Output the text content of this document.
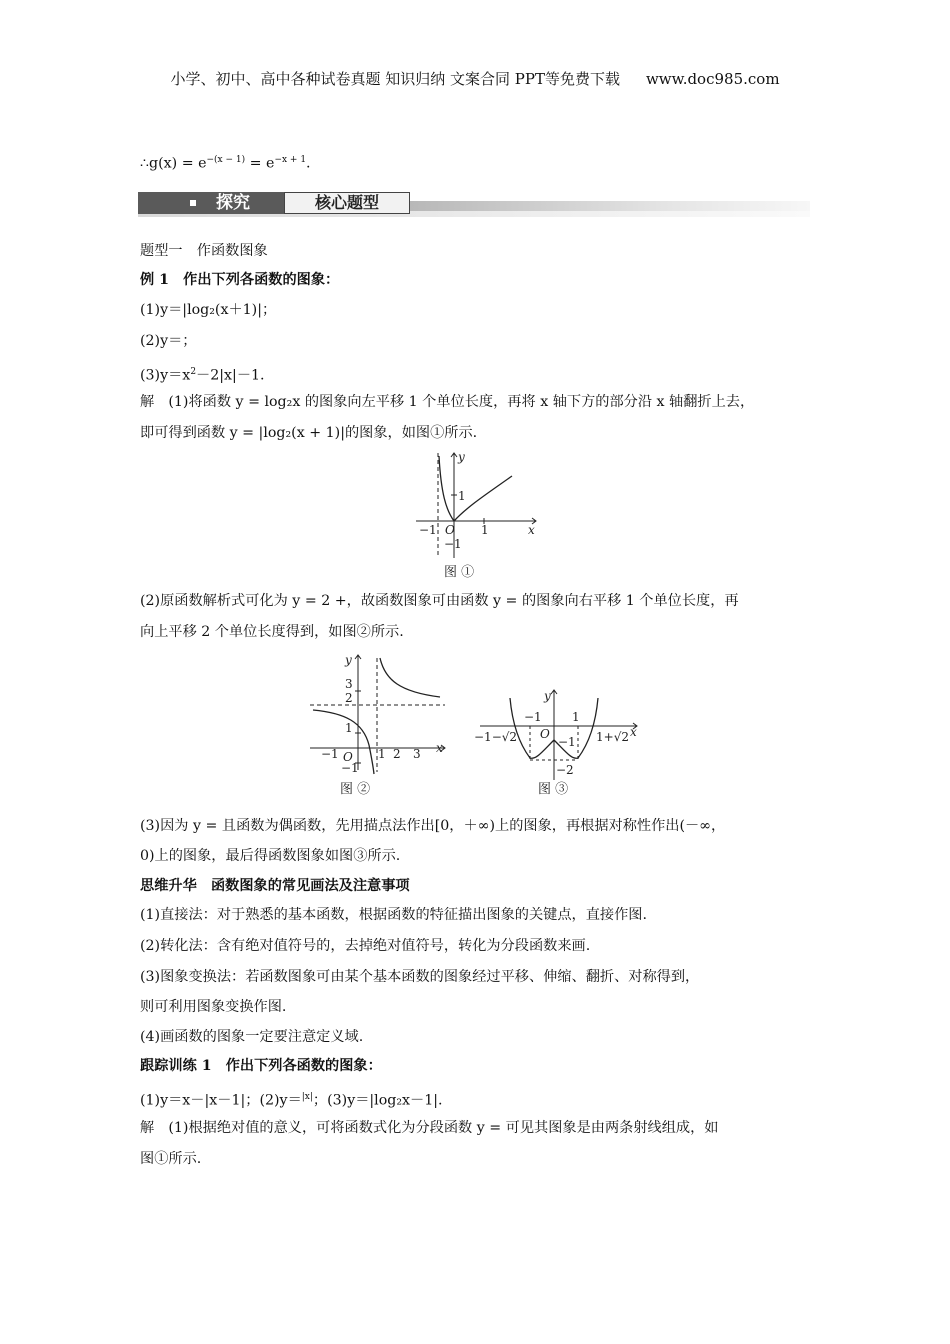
小学、初中、高中各种试卷真题 知识归纳 文案合同 PPT等免费下载 www.doc985.com
∴g(x) = $e^{-(x - 1)} = e^{-x + 1}$.
探究	核心题型
题型一　作函数图象
例 1　作出下列各函数的图象：
(1)y＝|log₂(x＋1)|；
(2)y＝；
$(3)y=x^2-2|x|-1$.
解　(1)将函数 y = log₂x 的图象向左平移 1 个单位长度，再将 x 轴下方的部分沿 x 轴翻折上去，
即可得到函数 y = |log₂(x + 1)|的图象，如图①所示.
y
x
O
1
1
−1
−1
图 ①
(2)原函数解析式可化为 y = 2 +，故函数图象可由函数 y = 的图象向右平移 1 个单位长度，再
向上平移 2 个单位长度得到，如图②所示.
y
x
O
3
2
1
−1
−1	1 2 3
图 ②
y
x
O
−1−√2	1+√2
−1	1
−1
−2
图 ③
(3)因为 y = 且函数为偶函数，先用描点法作出[0，＋∞)上的图象，再根据对称性作出(－∞，
0)上的图象，最后得函数图象如图③所示.
思维升华　函数图象的常见画法及注意事项
(1)直接法：对于熟悉的基本函数，根据函数的特征描出图象的关键点，直接作图.
(2)转化法：含有绝对值符号的，去掉绝对值符号，转化为分段函数来画.
(3)图象变换法：若函数图象可由某个基本函数的图象经过平移、伸缩、翻折、对称得到，
则可利用图象变换作图.
(4)画函数的图象一定要注意定义域.
跟踪训练 1　作出下列各函数的图象：
(1)y＝x－|x－1|；(2)y＝$^{|x|}$；(3)y＝|log₂x－1|.
解　(1)根据绝对值的意义，可将函数式化为分段函数 y = 可见其图象是由两条射线组成，如
图①所示.
